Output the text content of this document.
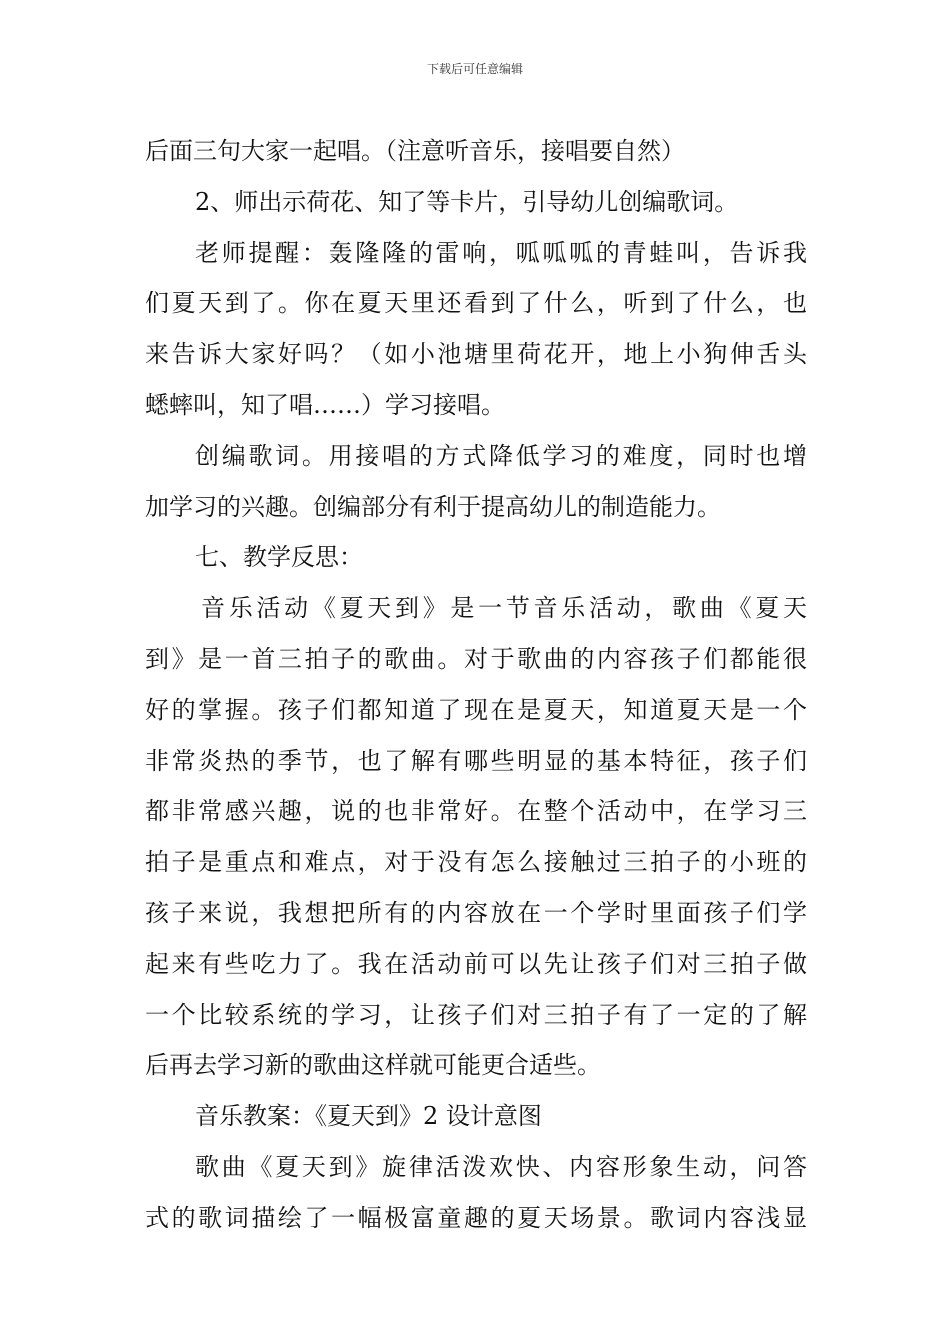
下载后可任意编辑
后面三句大家一起唱。（注意听音乐，接唱要自然）
2、师出示荷花、知了等卡片，引导幼儿创编歌词。
老师提醒：轰隆隆的雷响，呱呱呱的青蛙叫，告诉我
们夏天到了。你在夏天里还看到了什么，听到了什么，也
来告诉大家好吗？（如小池塘里荷花开，地上小狗伸舌头
蟋蟀叫，知了唱……）学习接唱。
创编歌词。用接唱的方式降低学习的难度，同时也增
加学习的兴趣。创编部分有利于提高幼儿的制造能力。
七、教学反思：
音乐活动《夏天到》是一节音乐活动，歌曲《夏天
到》是一首三拍子的歌曲。对于歌曲的内容孩子们都能很
好的掌握。孩子们都知道了现在是夏天，知道夏天是一个
非常炎热的季节，也了解有哪些明显的基本特征，孩子们
都非常感兴趣，说的也非常好。在整个活动中，在学习三
拍子是重点和难点，对于没有怎么接触过三拍子的小班的
孩子来说，我想把所有的内容放在一个学时里面孩子们学
起来有些吃力了。我在活动前可以先让孩子们对三拍子做
一个比较系统的学习，让孩子们对三拍子有了一定的了解
后再去学习新的歌曲这样就可能更合适些。
音乐教案：《夏天到》2 设计意图
歌曲《夏天到》旋律活泼欢快、内容形象生动，问答
式的歌词描绘了一幅极富童趣的夏天场景。歌词内容浅显
